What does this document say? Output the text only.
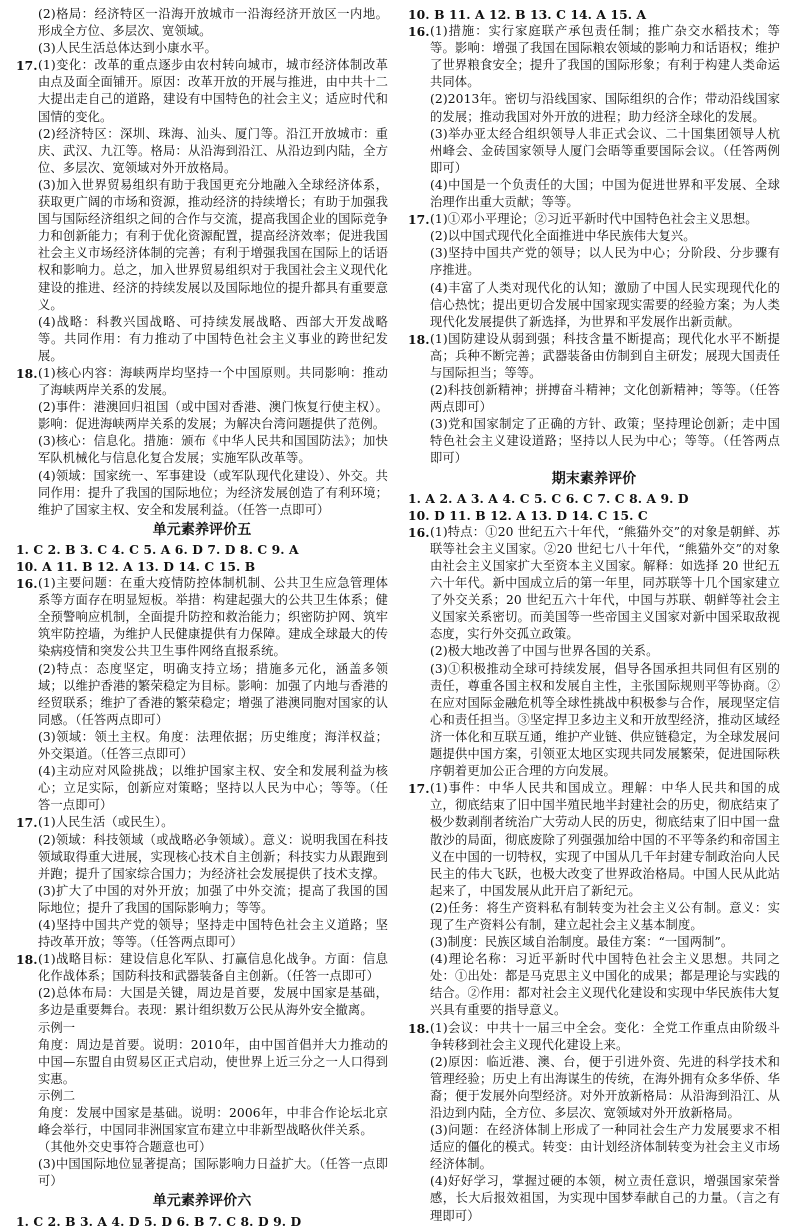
(2)格局：经济特区一沿海开放城市一沿海经济开放区一内地。形成全方位、多层次、宽领域。
(3)人民生活总体达到小康水平。
17. (1)变化：改革的重点逐步由农村转向城市，城市经济体制改革由点及面全面铺开。原因：改革开放的开展与推进，由中共十二大提出走自己的道路，建设有中国特色的社会主义；适应时代和国情的变化。
(2)经济特区：深圳、珠海、汕头、厦门等。沿江开放城市：重庆、武汉、九江等。格局：从沿海到沿江、从沿边到内陆，全方位、多层次、宽领域对外开放格局。
(3)加入世界贸易组织有助于我国更充分地融入全球经济体系，获取更广阔的市场和资源，推动经济的持续增长；有助于加强我国与国际经济组织之间的合作与交流，提高我国企业的国际竞争力和创新能力；有利于优化资源配置，提高经济效率；促进我国社会主义市场经济体制的完善；有利于增强我国在国际上的话语权和影响力。总之，加入世界贸易组织对于我国社会主义现代化建设的推进、经济的持续发展以及国际地位的提升都具有重要意义。
(4)战略：科教兴国战略、可持续发展战略、西部大开发战略等。共同作用：有力推动了中国特色社会主义事业的跨世纪发展。
18. (1)核心内容：海峡两岸均坚持一个中国原则。共同影响：推动了海峡两岸关系的发展。
(2)事件：港澳回归祖国（或中国对香港、澳门恢复行使主权）。影响：促进海峡两岸关系的发展；为解决台湾问题提供了范例。
(3)核心：信息化。措施：颁布《中华人民共和国国防法》；加快军队机械化与信息化复合发展；实施军队改革等。
(4)领域：国家统一、军事建设（或军队现代化建设）、外交。共同作用：提升了我国的国际地位；为经济发展创造了有利环境；维护了国家主权、安全和发展利益。（任答一点即可）
单元素养评价五
1. C 2. B 3. C 4. C 5. A 6. D 7. D 8. C 9. A
10. A 11. B 12. A 13. D 14. C 15. B
16. (1)主要问题：在重大疫情防控体制机制、公共卫生应急管理体系等方面存在明显短板。举措：构建起强大的公共卫生体系；健全预警响应机制，全面提升防控和救治能力；织密防护网、筑牢筑牢防控墙，为维护人民健康提供有力保障。建成全球最大的传染病疫情和突发公共卫生事件网络直报系统。
(2)特点：态度坚定，明确支持立场；措施多元化，涵盖多领域；以维护香港的繁荣稳定为目标。影响：加强了内地与香港的经贸联系；维护了香港的繁荣稳定；增强了港澳同胞对国家的认同感。（任答两点即可）
(3)领域：领土主权。角度：法理依据；历史维度；海洋权益；外交渠道。（任答三点即可）
(4)主动应对风险挑战；以维护国家主权、安全和发展利益为核心；立足实际，创新应对策略；坚持以人民为中心；等等。（任答一点即可）
17. (1)人民生活（或民生）。
(2)领域：科技领域（或战略必争领域）。意义：说明我国在科技领域取得重大进展，实现核心技术自主创新；科技实力从跟跑到并跑；提升了国家综合国力；为经济社会发展提供了技术支撑。
(3)扩大了中国的对外开放；加强了中外交流；提高了我国的国际地位；提升了我国的国际影响力；等等。
(4)坚持中国共产党的领导；坚持走中国特色社会主义道路；坚持改革开放；等等。（任答两点即可）
18. (1)战略目标：建设信息化军队、打赢信息化战争。方面：信息化作战体系；国防科技和武器装备自主创新。（任答一点即可）
(2)总体布局：大国是关键，周边是首要，发展中国家是基础，多边是重要舞台。表现：累计组织数万公民从海外安全撤离。
示例一
角度：周边是首要。说明：2010年，由中国首倡并大力推动的中国—东盟自由贸易区正式启动，使世界上近三分之一人口得到实惠。
示例二
角度：发展中国家是基础。说明：2006年，中非合作论坛北京峰会举行，中国同非洲国家宣布建立中非新型战略伙伴关系。
（其他外交史事符合题意也可）
(3)中国国际地位显著提高；国际影响力日益扩大。（任答一点即可）
单元素养评价六
1. C 2. B 3. A 4. D 5. D 6. B 7. C 8. D 9. D
10. B 11. A 12. B 13. C 14. A 15. A
16. (1)措施：实行家庭联产承包责任制；推广杂交水稻技术；等等。影响：增强了我国在国际粮农领域的影响力和话语权；维护了世界粮食安全；提升了我国的国际形象；有利于构建人类命运共同体。
(2)2013年。密切与沿线国家、国际组织的合作；带动沿线国家的发展；推动我国对外开放的进程；助力经济全球化的发展。
(3)举办亚太经合组织领导人非正式会议、二十国集团领导人杭州峰会、金砖国家领导人厦门会晤等重要国际会议。（任答两例即可）
(4)中国是一个负责任的大国；中国为促进世界和平发展、全球治理作出重大贡献；等等。
17. (1)①邓小平理论；②习近平新时代中国特色社会主义思想。
(2)以中国式现代化全面推进中华民族伟大复兴。
(3)坚持中国共产党的领导；以人民为中心；分阶段、分步骤有序推进。
(4)丰富了人类对现代化的认知；激励了中国人民实现现代化的信心热忱；提出更切合发展中国家现实需要的经验方案；为人类现代化发展提供了新选择，为世界和平发展作出新贡献。
18. (1)国防建设从弱到强；科技含量不断提高；现代化水平不断提高；兵种不断完善；武器装备由仿制到自主研发；展现大国责任与国际担当；等等。
(2)科技创新精神；拼搏奋斗精神；文化创新精神；等等。（任答两点即可）
(3)党和国家制定了正确的方针、政策；坚持理论创新；走中国特色社会主义建设道路；坚持以人民为中心；等等。（任答两点即可）
期末素养评价
1. A 2. A 3. A 4. C 5. C 6. C 7. C 8. A 9. D
10. D 11. B 12. A 13. D 14. C 15. C
16. (1)特点：①20 世纪五六十年代，“熊猫外交”的对象是朝鲜、苏联等社会主义国家。②20 世纪七八十年代，“熊猫外交”的对象由社会主义国家扩大至资本主义国家。解释：如选择 20 世纪五六十年代。新中国成立后的第一年里，同苏联等十几个国家建立了外交关系；20 世纪五六十年代，中国与苏联、朝鲜等社会主义国家关系密切。而美国等一些帝国主义国家对新中国采取敌视态度，实行外交孤立政策。
(2)极大地改善了中国与世界各国的关系。
(3)①积极推动全球可持续发展，倡导各国承担共同但有区别的责任，尊重各国主权和发展自主性，主张国际规则平等协商。②在应对国际金融危机等全球性挑战中积极参与合作，展现坚定信心和责任担当。③坚定捍卫多边主义和开放型经济，推动区域经济一体化和互联互通，维护产业链、供应链稳定，为全球发展问题提供中国方案，引领亚太地区实现共同发展繁荣，促进国际秩序朝着更加公正合理的方向发展。
17. (1)事件：中华人民共和国成立。理解：中华人民共和国的成立，彻底结束了旧中国半殖民地半封建社会的历史，彻底结束了极少数剥削者统治广大劳动人民的历史，彻底结束了旧中国一盘散沙的局面，彻底废除了列强强加给中国的不平等条约和帝国主义在中国的一切特权，实现了中国从几千年封建专制政治向人民民主的伟大飞跃，也极大改变了世界政治格局。中国人民从此站起来了，中国发展从此开启了新纪元。
(2)任务：将生产资料私有制转变为社会主义公有制。意义：实现了生产资料公有制，建立起社会主义基本制度。
(3)制度：民族区域自治制度。最佳方案：“一国两制”。
(4)理论名称：习近平新时代中国特色社会主义思想。共同之处：①出处：都是马克思主义中国化的成果；都是理论与实践的结合。②作用：都对社会主义现代化建设和实现中华民族伟大复兴具有重要的指导意义。
18. (1)会议：中共十一届三中全会。变化：全党工作重点由阶级斗争转移到社会主义现代化建设上来。
(2)原因：临近港、澳、台，便于引进外资、先进的科学技术和管理经验；历史上有出海谋生的传统，在海外拥有众多华侨、华裔；便于发展外向型经济。对外开放新格局：从沿海到沿江、从沿边到内陆，全方位、多层次、宽领域对外开放新格局。
(3)问题：在经济体制上形成了一种同社会生产力发展要求不相适应的僵化的模式。转变：由计划经济体制转变为社会主义市场经济体制。
(4)好好学习，掌握过硬的本领，树立责任意识，增强国家荣誉感，长大后报效祖国，为实现中国梦奉献自己的力量。（言之有理即可）
